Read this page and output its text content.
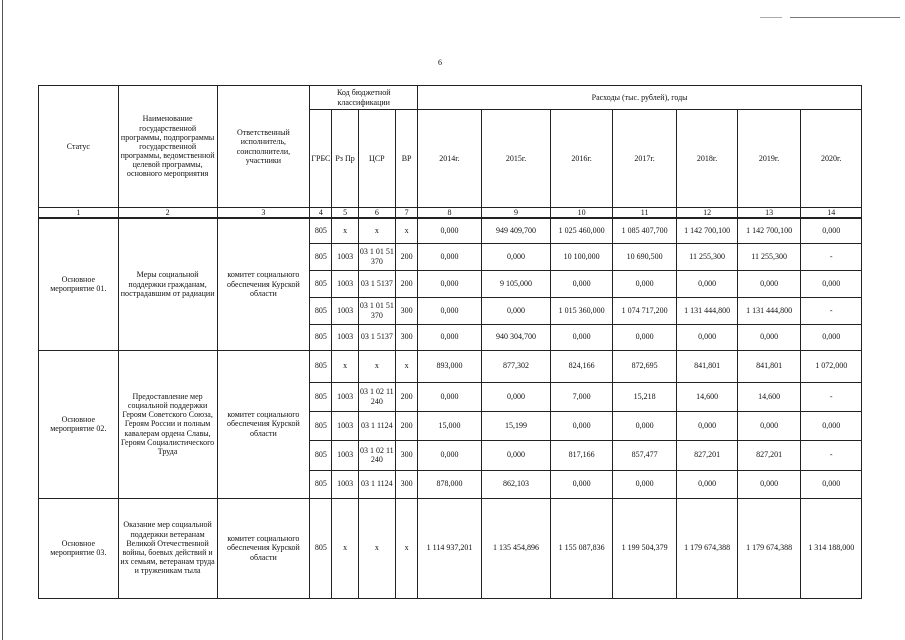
6
Статус	Наименование государственной программы, подпрограммы государственной программы, ведомственной целевой программы, основного мероприятия	Ответственный исполнитель, соисполнители, участники	Код бюджетной классификации				Расходы (тыс. рублей), годы						
			ГРБС	Рз Пр	ЦСР	ВР	2014г.	2015г.	2016г.	2017г.	2018г.	2019г.	2020г.
1	2	3	4	5	6	7	8	9	10	11	12	13	14
Основное мероприятие 01.	Меры социальной поддержки гражданам, пострадавшим от радиации	комитет социального обеспечения Курской области	805	х	х	х	0,000	949 409,700	1 025 460,000	1 085 407,700	1 142 700,100	1 142 700,100	0,000
			805	1003	03 1 01 51370	200	0,000	0,000	10 100,000	10 690,500	11 255,300	11 255,300	-
			805	1003	03 1 5137	200	0,000	9 105,000	0,000	0,000	0,000	0,000	0,000
			805	1003	03 1 01 51370	300	0,000	0,000	1 015 360,000	1 074 717,200	1 131 444,800	1 131 444,800	-
			805	1003	03 1 5137	300	0,000	940 304,700	0,000	0,000	0,000	0,000	0,000
Основное мероприятие 02.	Предоставление мер социальной поддержки Героям Советского Союза, Героям России и полным кавалерам ордена Славы, Героям Социалистического Труда	комитет социального обеспечения Курской области	805	х	х	х	893,000	877,302	824,166	872,695	841,801	841,801	1 072,000
			805	1003	03 1 02 11240	200	0,000	0,000	7,000	15,218	14,600	14,600	-
			805	1003	03 1 1124	200	15,000	15,199	0,000	0,000	0,000	0,000	0,000
			805	1003	03 1 02 11240	300	0,000	0,000	817,166	857,477	827,201	827,201	-
			805	1003	03 1 1124	300	878,000	862,103	0,000	0,000	0,000	0,000	0,000
Основное мероприятие 03.	Оказание мер социальной поддержки ветеранам Великой Отечественной войны, боевых действий и их семьям, ветеранам труда и труженикам тыла	комитет социального обеспечения Курской области	805	х	х	х	1 114 937,201	1 135 454,896	1 155 087,836	1 199 504,379	1 179 674,388	1 179 674,388	1 314 188,000
